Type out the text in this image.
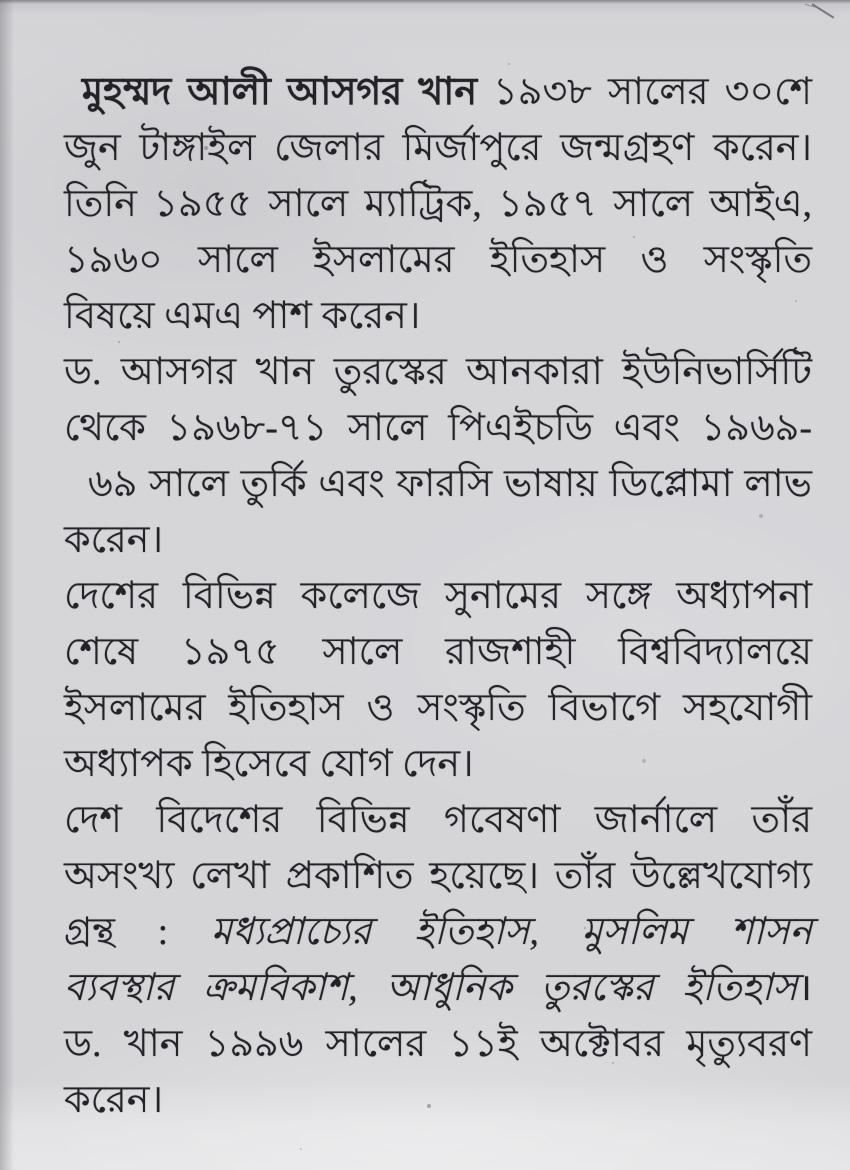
মুহম্মদ আলী আসগর খান ১৯৩৮ সালের ৩০শে
জুন টাঙ্গাইল জেলার মির্জাপুরে জন্মগ্রহণ করেন।
তিনি ১৯৫৫ সালে ম্যাট্রিক, ১৯৫৭ সালে আইএ,
১৯৬০ সালে ইসলামের ইতিহাস ও সংস্কৃতি
বিষয়ে এমএ পাশ করেন।
ড. আসগর খান তুরস্কের আনকারা ইউনিভার্সিটি
থেকে ১৯৬৮-৭১ সালে পিএইচডি এবং ১৯৬৯-
৬৯ সালে তুর্কি এবং ফারসি ভাষায় ডিপ্লোমা লাভ
করেন।
দেশের বিভিন্ন কলেজে সুনামের সঙ্গে অধ্যাপনা
শেষে ১৯৭৫ সালে রাজশাহী বিশ্ববিদ্যালয়ে
ইসলামের ইতিহাস ও সংস্কৃতি বিভাগে সহযোগী
অধ্যাপক হিসেবে যোগ দেন।
দেশ বিদেশের বিভিন্ন গবেষণা জার্নালে তাঁর
অসংখ্য লেখা প্রকাশিত হয়েছে। তাঁর উল্লেখযোগ্য
গ্রন্থ : মধ্যপ্রাচ্যের ইতিহাস, মুসলিম শাসন
ব্যবস্থার ক্রমবিকাশ, আধুনিক তুরস্কের ইতিহাস।
ড. খান ১৯৯৬ সালের ১১ই অক্টোবর মৃত্যুবরণ
করেন।
